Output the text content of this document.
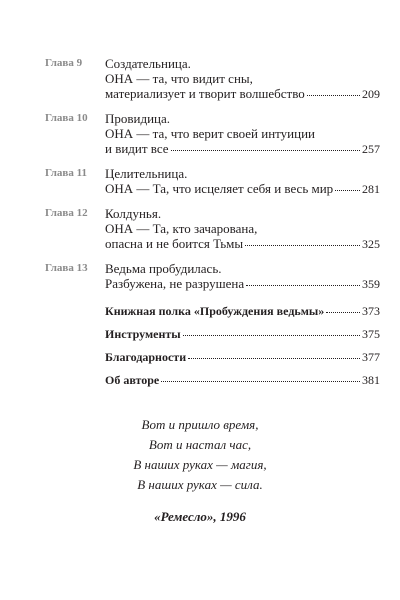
Глава 9	Создательница.
ОНА — та, что видит сны,
материализует и творит волшебство	209
Глава 10	Провидица.
ОНА — та, что верит своей интуиции
и видит все	257
Глава 11	Целительница.
ОНА — Та, что исцеляет себя и весь мир 281
Глава 12	Колдунья.
ОНА — Та, кто зачарована,
опасна и не боится Тьмы	325
Глава 13	Ведьма пробудилась.
Разбужена, не разрушена	359
Книжная полка «Пробуждения ведьмы»	373
Инструменты	375
Благодарности	377
Об авторе	381
Вот и пришло время,
Вот и настал час,
В наших руках — магия,
В наших руках — сила.
«Ремесло», 1996
